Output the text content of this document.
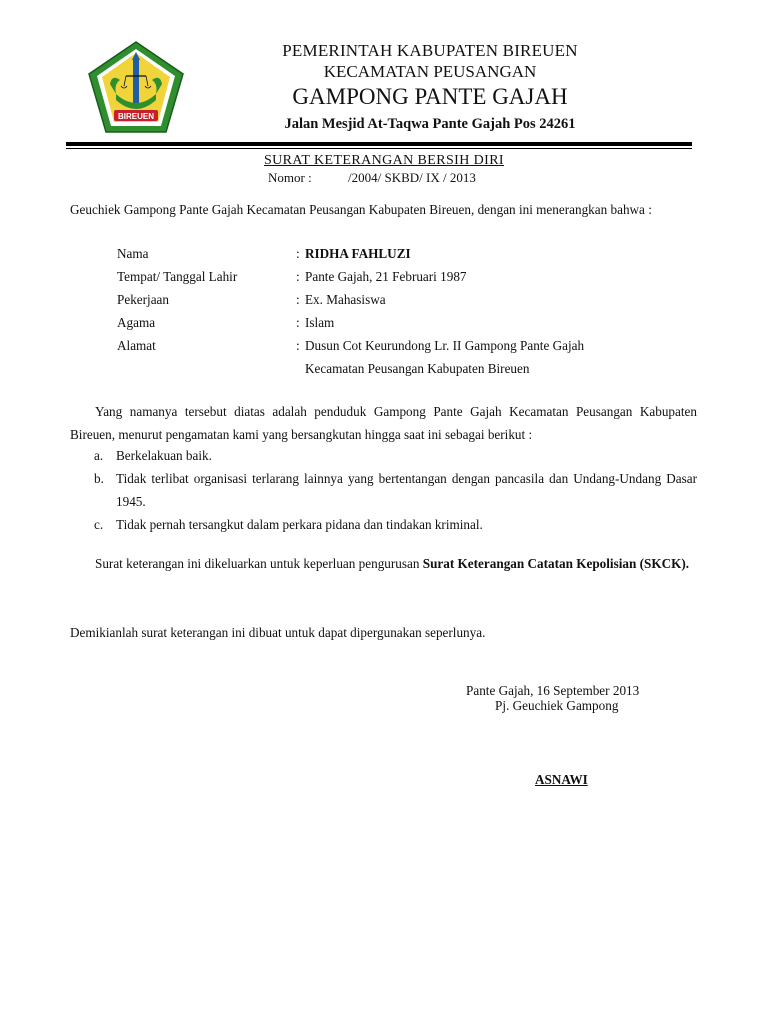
BIREUEN
PEMERINTAH KABUPATEN BIREUEN
KECAMATAN PEUSANGAN
GAMPONG PANTE GAJAH
Jalan Mesjid At-Taqwa Pante Gajah Pos 24261
SURAT KETERANGAN BERSIH DIRI
Nomor :	/2004/ SKBD/ IX / 2013
Geuchiek Gampong Pante Gajah Kecamatan Peusangan Kabupaten Bireuen, dengan ini menerangkan bahwa :
Nama	: RIDHA FAHLUZI
Tempat/ Tanggal Lahir	: Pante Gajah, 21 Februari 1987
Pekerjaan	: Ex. Mahasiswa
Agama	: Islam
Alamat	: Dusun Cot Keurundong Lr. II Gampong Pante Gajah
Kecamatan Peusangan Kabupaten Bireuen
Yang namanya tersebut diatas adalah penduduk Gampong Pante Gajah Kecamatan Peusangan Kabupaten Bireuen, menurut pengamatan kami yang bersangkutan hingga saat ini sebagai berikut :
a. Berkelakuan baik.
b. Tidak terlibat organisasi terlarang lainnya yang bertentangan dengan pancasila dan Undang-Undang Dasar 1945.
c. Tidak pernah tersangkut dalam perkara pidana dan tindakan kriminal.
Surat keterangan ini dikeluarkan untuk keperluan pengurusan Surat Keterangan Catatan Kepolisian (SKCK).
Demikianlah surat keterangan ini dibuat untuk dapat dipergunakan seperlunya.
Pante Gajah, 16 September 2013
Pj. Geuchiek Gampong
ASNAWI
